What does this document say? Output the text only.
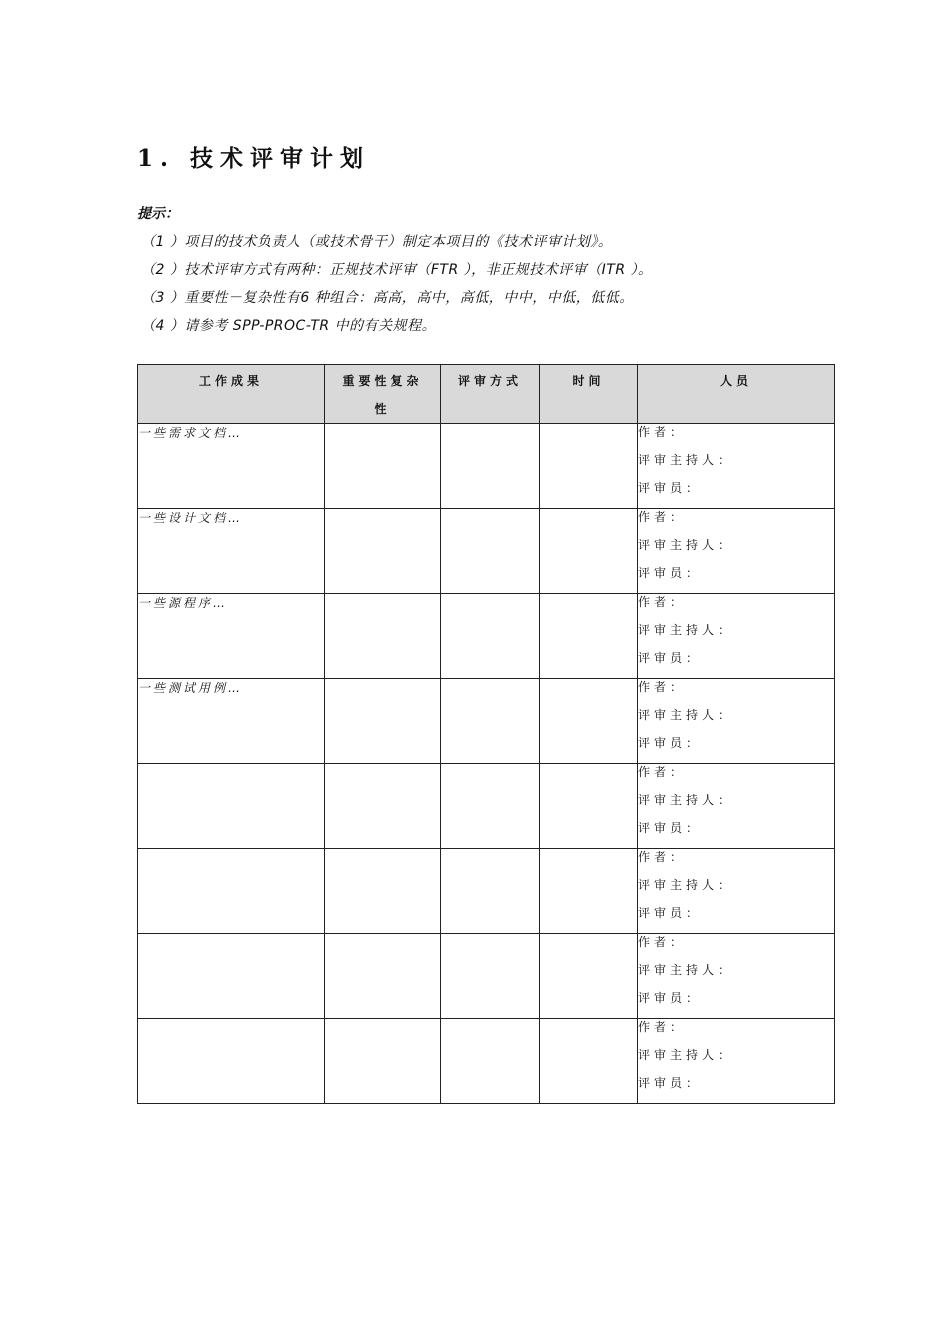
1. 技术评审计划
提示：
（1 ）项目的技术负责人（或技术骨干）制定本项目的《技术评审计划》。
（2 ）技术评审方式有两种：正规技术评审（FTR ），非正规技术评审（ITR ）。
（3 ）重要性－复杂性有6 种组合：高高，高中，高低，中中，中低，低低。
（4 ）请参考 SPP-PROC-TR 中的有关规程。
工作成果	重要性复杂性	评审方式	时间	人员
一些需求文档…				作者：
评审主持人：
评审员：

一些设计文档…				作者：
评审主持人：
评审员：

一些源程序…				作者：
评审主持人：
评审员：

一些测试用例…				作者：
评审主持人：
评审员：

				作者：
评审主持人：
评审员：

				作者：
评审主持人：
评审员：

				作者：
评审主持人：
评审员：

				作者：
评审主持人：
评审员：
